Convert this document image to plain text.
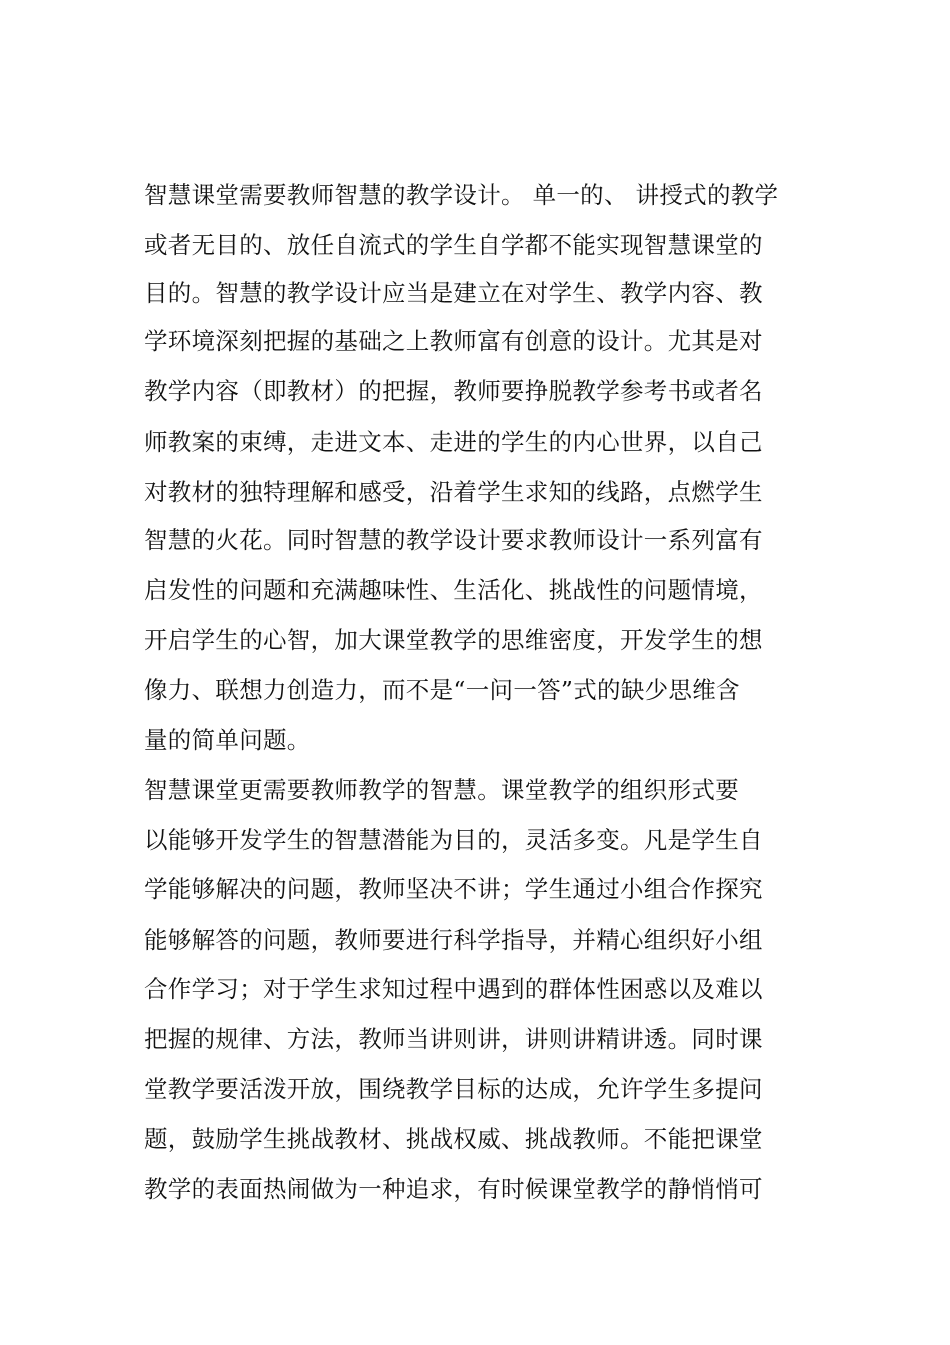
智慧课堂需要教师智慧的教学设计。 单一的、 讲授式的教学
或者无目的、放任自流式的学生自学都不能实现智慧课堂的
目的。智慧的教学设计应当是建立在对学生、教学内容、教
学环境深刻把握的基础之上教师富有创意的设计。尤其是对
教学内容（即教材）的把握，教师要挣脱教学参考书或者名
师教案的束缚，走进文本、走进的学生的内心世界，以自己
对教材的独特理解和感受，沿着学生求知的线路，点燃学生
智慧的火花。同时智慧的教学设计要求教师设计一系列富有
启发性的问题和充满趣味性、生活化、挑战性的问题情境，
开启学生的心智，加大课堂教学的思维密度，开发学生的想
像力、联想力创造力，而不是“一问一答”式的缺少思维含
量的简单问题。
智慧课堂更需要教师教学的智慧。课堂教学的组织形式要
以能够开发学生的智慧潜能为目的，灵活多变。凡是学生自
学能够解决的问题，教师坚决不讲；学生通过小组合作探究
能够解答的问题，教师要进行科学指导，并精心组织好小组
合作学习；对于学生求知过程中遇到的群体性困惑以及难以
把握的规律、方法，教师当讲则讲，讲则讲精讲透。同时课
堂教学要活泼开放，围绕教学目标的达成，允许学生多提问
题，鼓励学生挑战教材、挑战权威、挑战教师。不能把课堂
教学的表面热闹做为一种追求，有时候课堂教学的静悄悄可
